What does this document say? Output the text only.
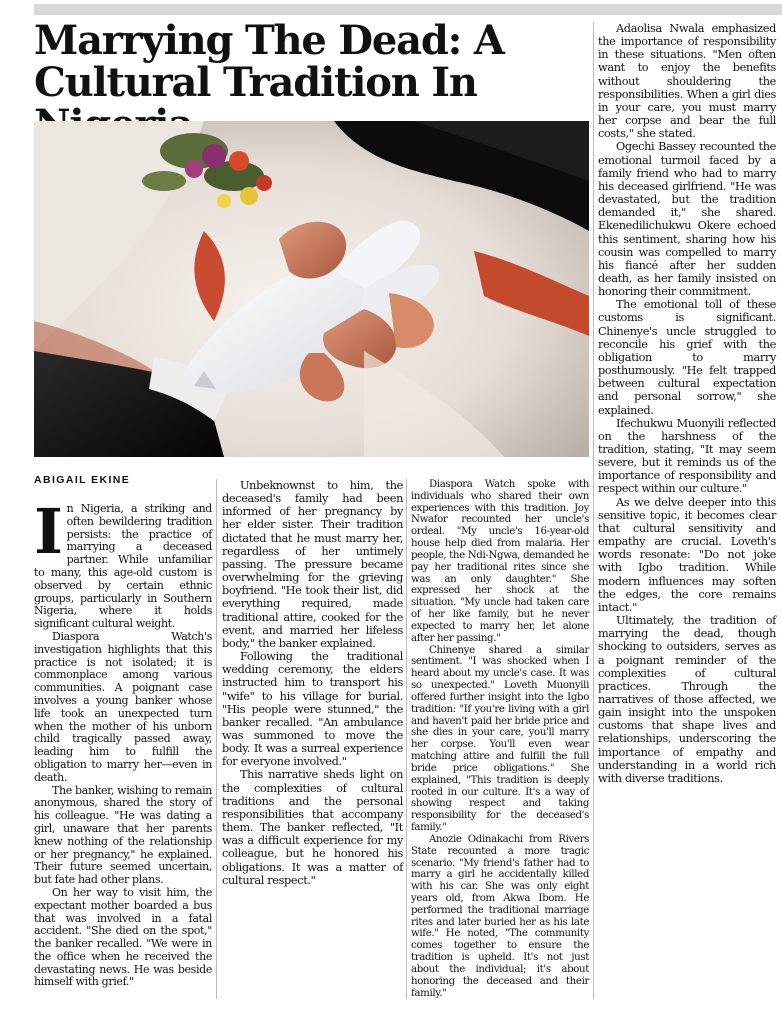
Marrying The Dead: A
Cultural Tradition In
ABIGAIL EKINE

In Nigeria, a striking and often bewildering tradition persists: the practice of marrying a deceased partner. While unfamiliar to many, this age-old custom is observed by certain ethnic groups, particularly in Southern Nigeria, where it holds significant cultural weight.

Diaspora Watch's investigation highlights that this practice is not isolated; it is commonplace among various communities. A poignant case involves a young banker whose life took an unexpected turn when the mother of his unborn child tragically passed away, leading him to fulfill the obligation to marry her—even in death.

The banker, wishing to remain anonymous, shared the story of his colleague. "He was dating a girl, unaware that her parents knew nothing of the relationship or her pregnancy," he explained. Their future seemed uncertain, but fate had other plans.

On her way to visit him, the expectant mother boarded a bus that was involved in a fatal accident. "She died on the spot," the banker recalled. "We were in the office when he received the devastating news. He was beside himself with grief."

Unbeknownst to him, the deceased's family had been informed of her pregnancy by her elder sister. Their tradition dictated that he must marry her, regardless of her untimely passing. The pressure became overwhelming for the grieving boyfriend. "He took their list, did everything required, made traditional attire, cooked for the event, and married her lifeless body," the banker explained.

Following the traditional wedding ceremony, the elders instructed him to transport his "wife" to his village for burial. "His people were stunned," the banker recalled. "An ambulance was summoned to move the body. It was a surreal experience for everyone involved."

This narrative sheds light on the complexities of cultural traditions and the personal responsibilities that accompany them. The banker reflected, "It was a difficult experience for my colleague, but he honored his obligations. It was a matter of cultural respect."

Diaspora Watch spoke with individuals who shared their own experiences with this tradition. Joy Nwafor recounted her uncle's ordeal. "My uncle's 16-year-old house help died from malaria. Her people, the Ndi-Ngwa, demanded he pay her traditional rites since she was an only daughter." She expressed her shock at the situation. "My uncle had taken care of her like family, but he never expected to marry her, let alone after her passing."

Chinenye shared a similar sentiment. "I was shocked when I heard about my uncle's case. It was so unexpected." Loveth Muonyili offered further insight into the Igbo tradition: "If you're living with a girl and haven't paid her bride price and she dies in your care, you'll marry her corpse. You'll even wear matching attire and fulfill the full bride price obligations." She explained, "This tradition is deeply rooted in our culture. It's a way of showing respect and taking responsibility for the deceased's family."

Anozie Odinakachi from Rivers State recounted a more tragic scenario. "My friend's father had to marry a girl he accidentally killed with his car. She was only eight years old, from Akwa Ibom. He performed the traditional marriage rites and later buried her as his late wife." He noted, "The community comes together to ensure the tradition is upheld. It's not just about the individual; it's about honoring the deceased and their family."

Adaolisa Nwala emphasized the importance of responsibility in these situations. "Men often want to enjoy the benefits without shouldering the responsibilities. When a girl dies in your care, you must marry her corpse and bear the full costs," she stated.

Ogechi Bassey recounted the emotional turmoil faced by a family friend who had to marry his deceased girlfriend. "He was devastated, but the tradition demanded it," she shared. Ekenedilichukwu Okere echoed this sentiment, sharing how his cousin was compelled to marry his fiancé after her sudden death, as her family insisted on honoring their commitment.

The emotional toll of these customs is significant. Chinenye's uncle struggled to reconcile his grief with the obligation to marry posthumously. "He felt trapped between cultural expectation and personal sorrow," she explained.

Ifechukwu Muonyili reflected on the harshness of the tradition, stating, "It may seem severe, but it reminds us of the importance of responsibility and respect within our culture."

As we delve deeper into this sensitive topic, it becomes clear that cultural sensitivity and empathy are crucial. Loveth's words resonate: "Do not joke with Igbo tradition. While modern influences may soften the edges, the core remains intact."

Ultimately, the tradition of marrying the dead, though shocking to outsiders, serves as a poignant reminder of the complexities of cultural practices. Through the narratives of those affected, we gain insight into the unspoken customs that shape lives and relationships, underscoring the importance of empathy and understanding in a world rich with diverse traditions.
